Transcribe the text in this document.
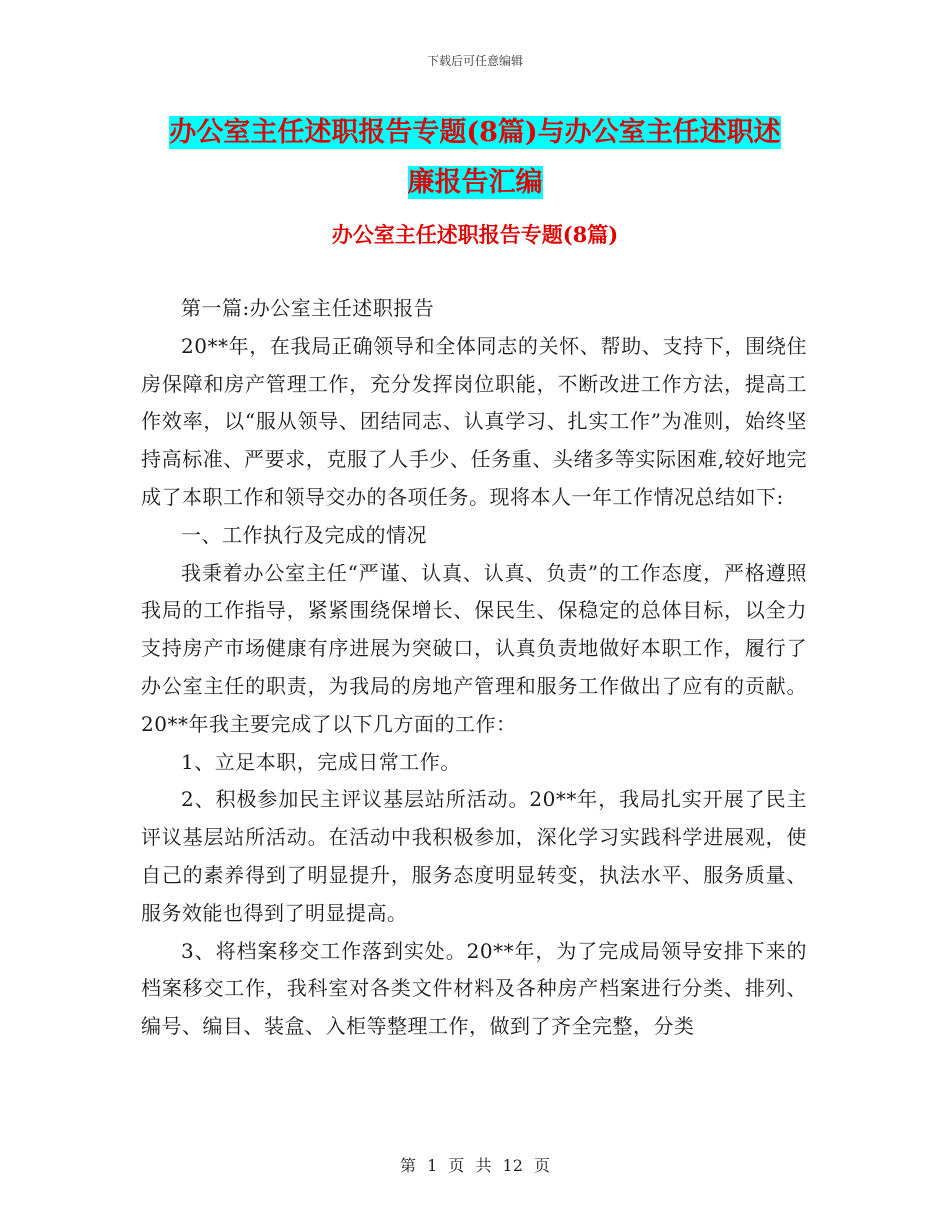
下载后可任意编辑
办公室主任述职报告专题(8篇)与办公室主任述职述
廉报告汇编
办公室主任述职报告专题(8篇)

第一篇:办公室主任述职报告

20**年，在我局正确领导和全体同志的关怀、帮助、支持下，围绕住房保障和房产管理工作，充分发挥岗位职能，不断改进工作方法，提高工作效率，以“服从领导、团结同志、认真学习、扎实工作”为准则，始终坚持高标准、严要求，克服了人手少、任务重、头绪多等实际困难,较好地完成了本职工作和领导交办的各项任务。现将本人一年工作情况总结如下:

一、工作执行及完成的情况

我秉着办公室主任“严谨、认真、认真、负责”的工作态度，严格遵照我局的工作指导，紧紧围绕保增长、保民生、保稳定的总体目标，以全力支持房产市场健康有序进展为突破口，认真负责地做好本职工作，履行了办公室主任的职责，为我局的房地产管理和服务工作做出了应有的贡献。20**年我主要完成了以下几方面的工作：

1、立足本职，完成日常工作。

2、积极参加民主评议基层站所活动。20**年，我局扎实开展了民主评议基层站所活动。在活动中我积极参加，深化学习实践科学进展观，使自己的素养得到了明显提升，服务态度明显转变，执法水平、服务质量、服务效能也得到了明显提高。

3、将档案移交工作落到实处。20**年，为了完成局领导安排下来的档案移交工作，我科室对各类文件材料及各种房产档案进行分类、排列、编号、编目、装盒、入柜等整理工作，做到了齐全完整，分类

第 1 页 共 12 页
